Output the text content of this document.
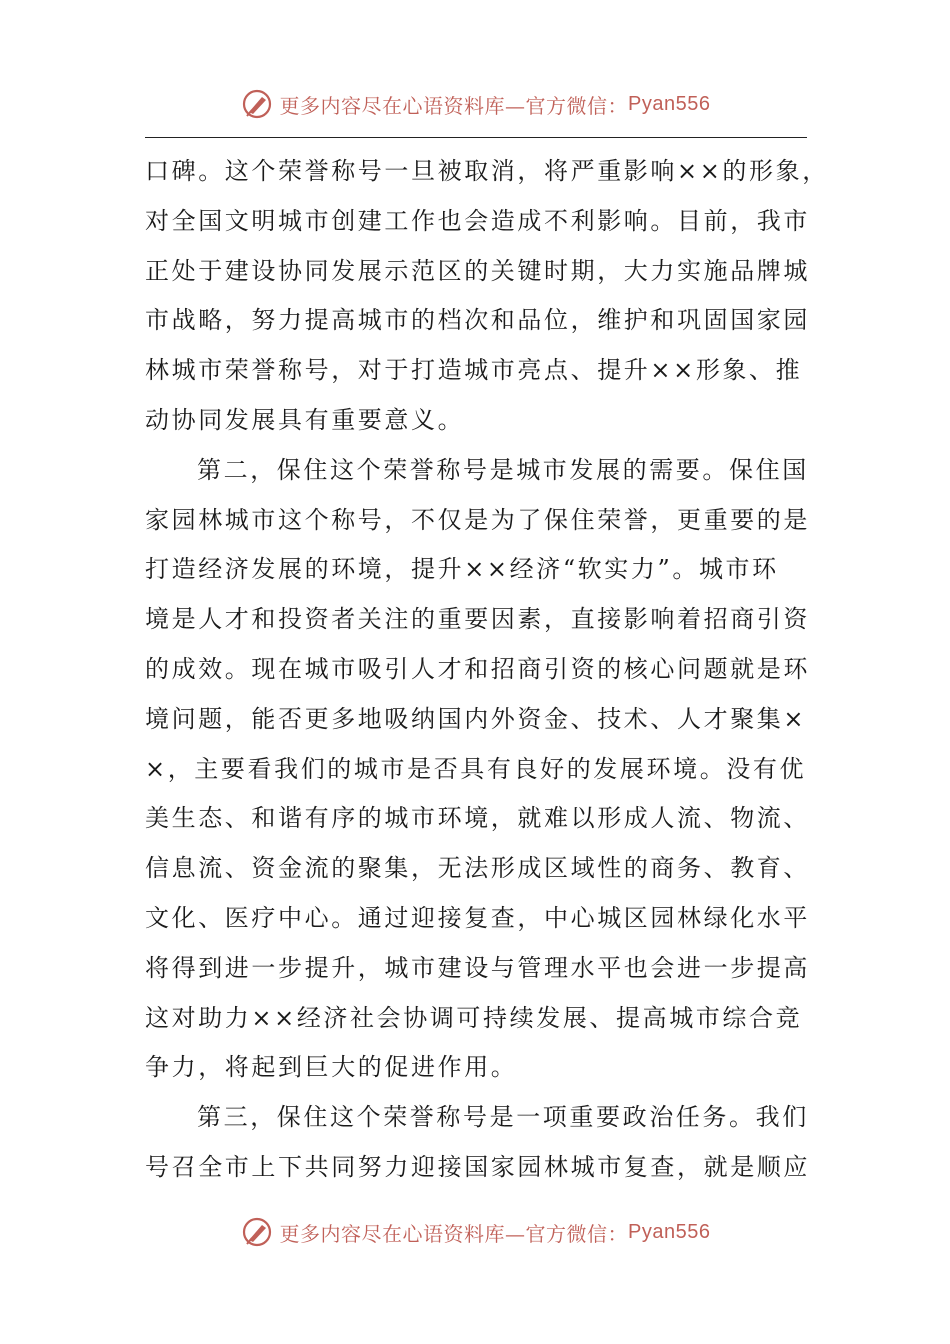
更多内容尽在心语资料库—官方微信： Pyan556

口碑。这个荣誉称号一旦被取消，将严重影响××的形象，
对全国文明城市创建工作也会造成不利影响。目前，我市
正处于建设协同发展示范区的关键时期，大力实施品牌城
市战略，努力提高城市的档次和品位，维护和巩固国家园
林城市荣誉称号，对于打造城市亮点、提升××形象、推
动协同发展具有重要意义。

第二，保住这个荣誉称号是城市发展的需要。保住国
家园林城市这个称号，不仅是为了保住荣誉，更重要的是
打造经济发展的环境，提升××经济“软实力”。城市环
境是人才和投资者关注的重要因素，直接影响着招商引资
的成效。现在城市吸引人才和招商引资的核心问题就是环
境问题，能否更多地吸纳国内外资金、技术、人才聚集×
×，主要看我们的城市是否具有良好的发展环境。没有优
美生态、和谐有序的城市环境，就难以形成人流、物流、
信息流、资金流的聚集，无法形成区域性的商务、教育、
文化、医疗中心。通过迎接复查，中心城区园林绿化水平
将得到进一步提升，城市建设与管理水平也会进一步提高
这对助力××经济社会协调可持续发展、提高城市综合竞
争力，将起到巨大的促进作用。

第三，保住这个荣誉称号是一项重要政治任务。我们
号召全市上下共同努力迎接国家园林城市复查，就是顺应

更多内容尽在心语资料库—官方微信： Pyan556
